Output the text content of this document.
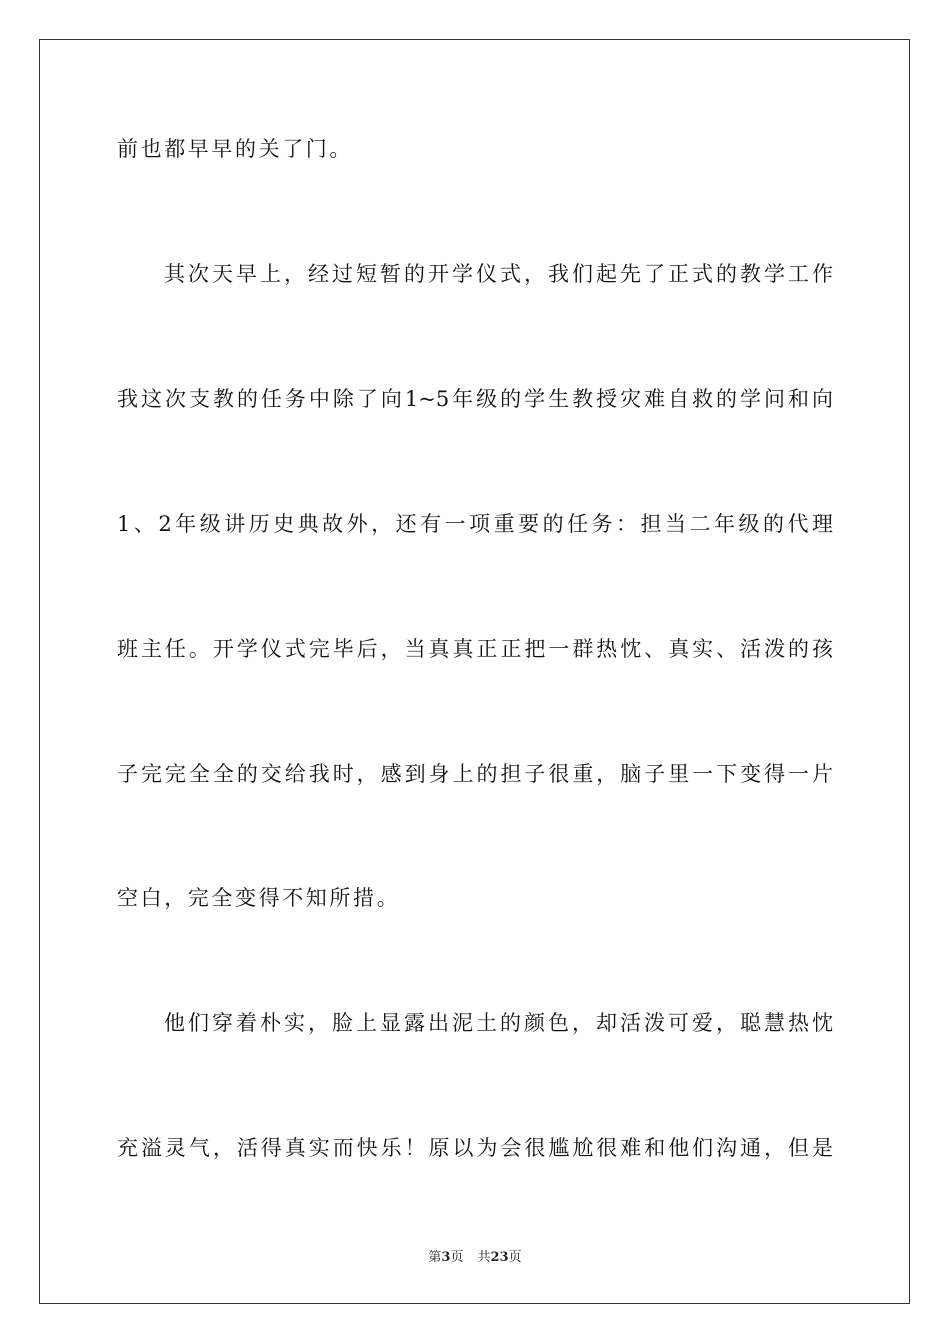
前也都早早的关了门。
其次天早上，经过短暂的开学仪式，我们起先了正式的教学工作
我这次支教的任务中除了向1~5年级的学生教授灾难自救的学问和向
1、2年级讲历史典故外，还有一项重要的任务：担当二年级的代理
班主任。开学仪式完毕后，当真真正正把一群热忱、真实、活泼的孩
子完完全全的交给我时，感到身上的担子很重，脑子里一下变得一片
空白，完全变得不知所措。
他们穿着朴实，脸上显露出泥土的颜色，却活泼可爱，聪慧热忱
充溢灵气，活得真实而快乐！原以为会很尴尬很难和他们沟通，但是
第3页 共23页
